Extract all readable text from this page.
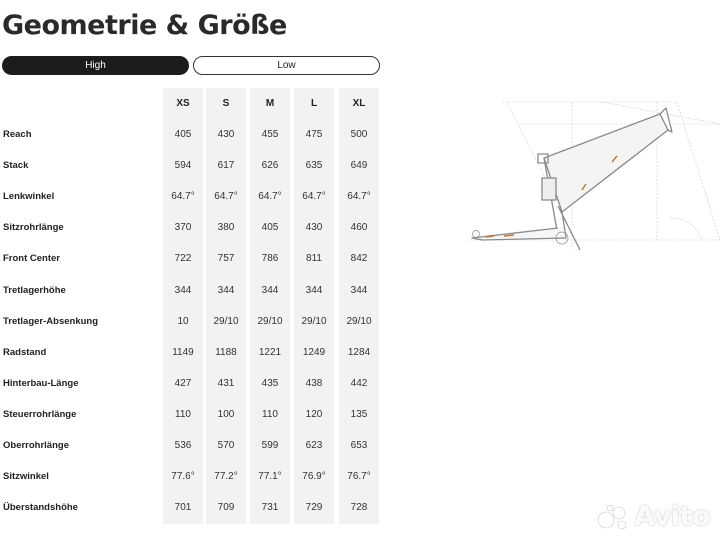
Geometrie & Größe
High	Low
XS	S	M	L	XL
Reach	405	430	455	475	500
Stack	594	617	626	635	649
Lenkwinkel	64.7°	64.7°	64.7°	64.7°	64.7°
Sitzrohrlänge	370	380	405	430	460
Front Center	722	757	786	811	842
Tretlagerhöhe	344	344	344	344	344
Tretlager-Absenkung	10	29/10	29/10	29/10	29/10
Radstand	1149	1188	1221	1249	1284
Hinterbau-Länge	427	431	435	438	442
Steuerrohrlänge	110	100	110	120	135
Oberrohrlänge	536	570	599	623	653
Sitzwinkel	77.6°	77.2°	77.1°	76.9°	76.7°
Überstandshöhe	701	709	731	729	728	Avito
